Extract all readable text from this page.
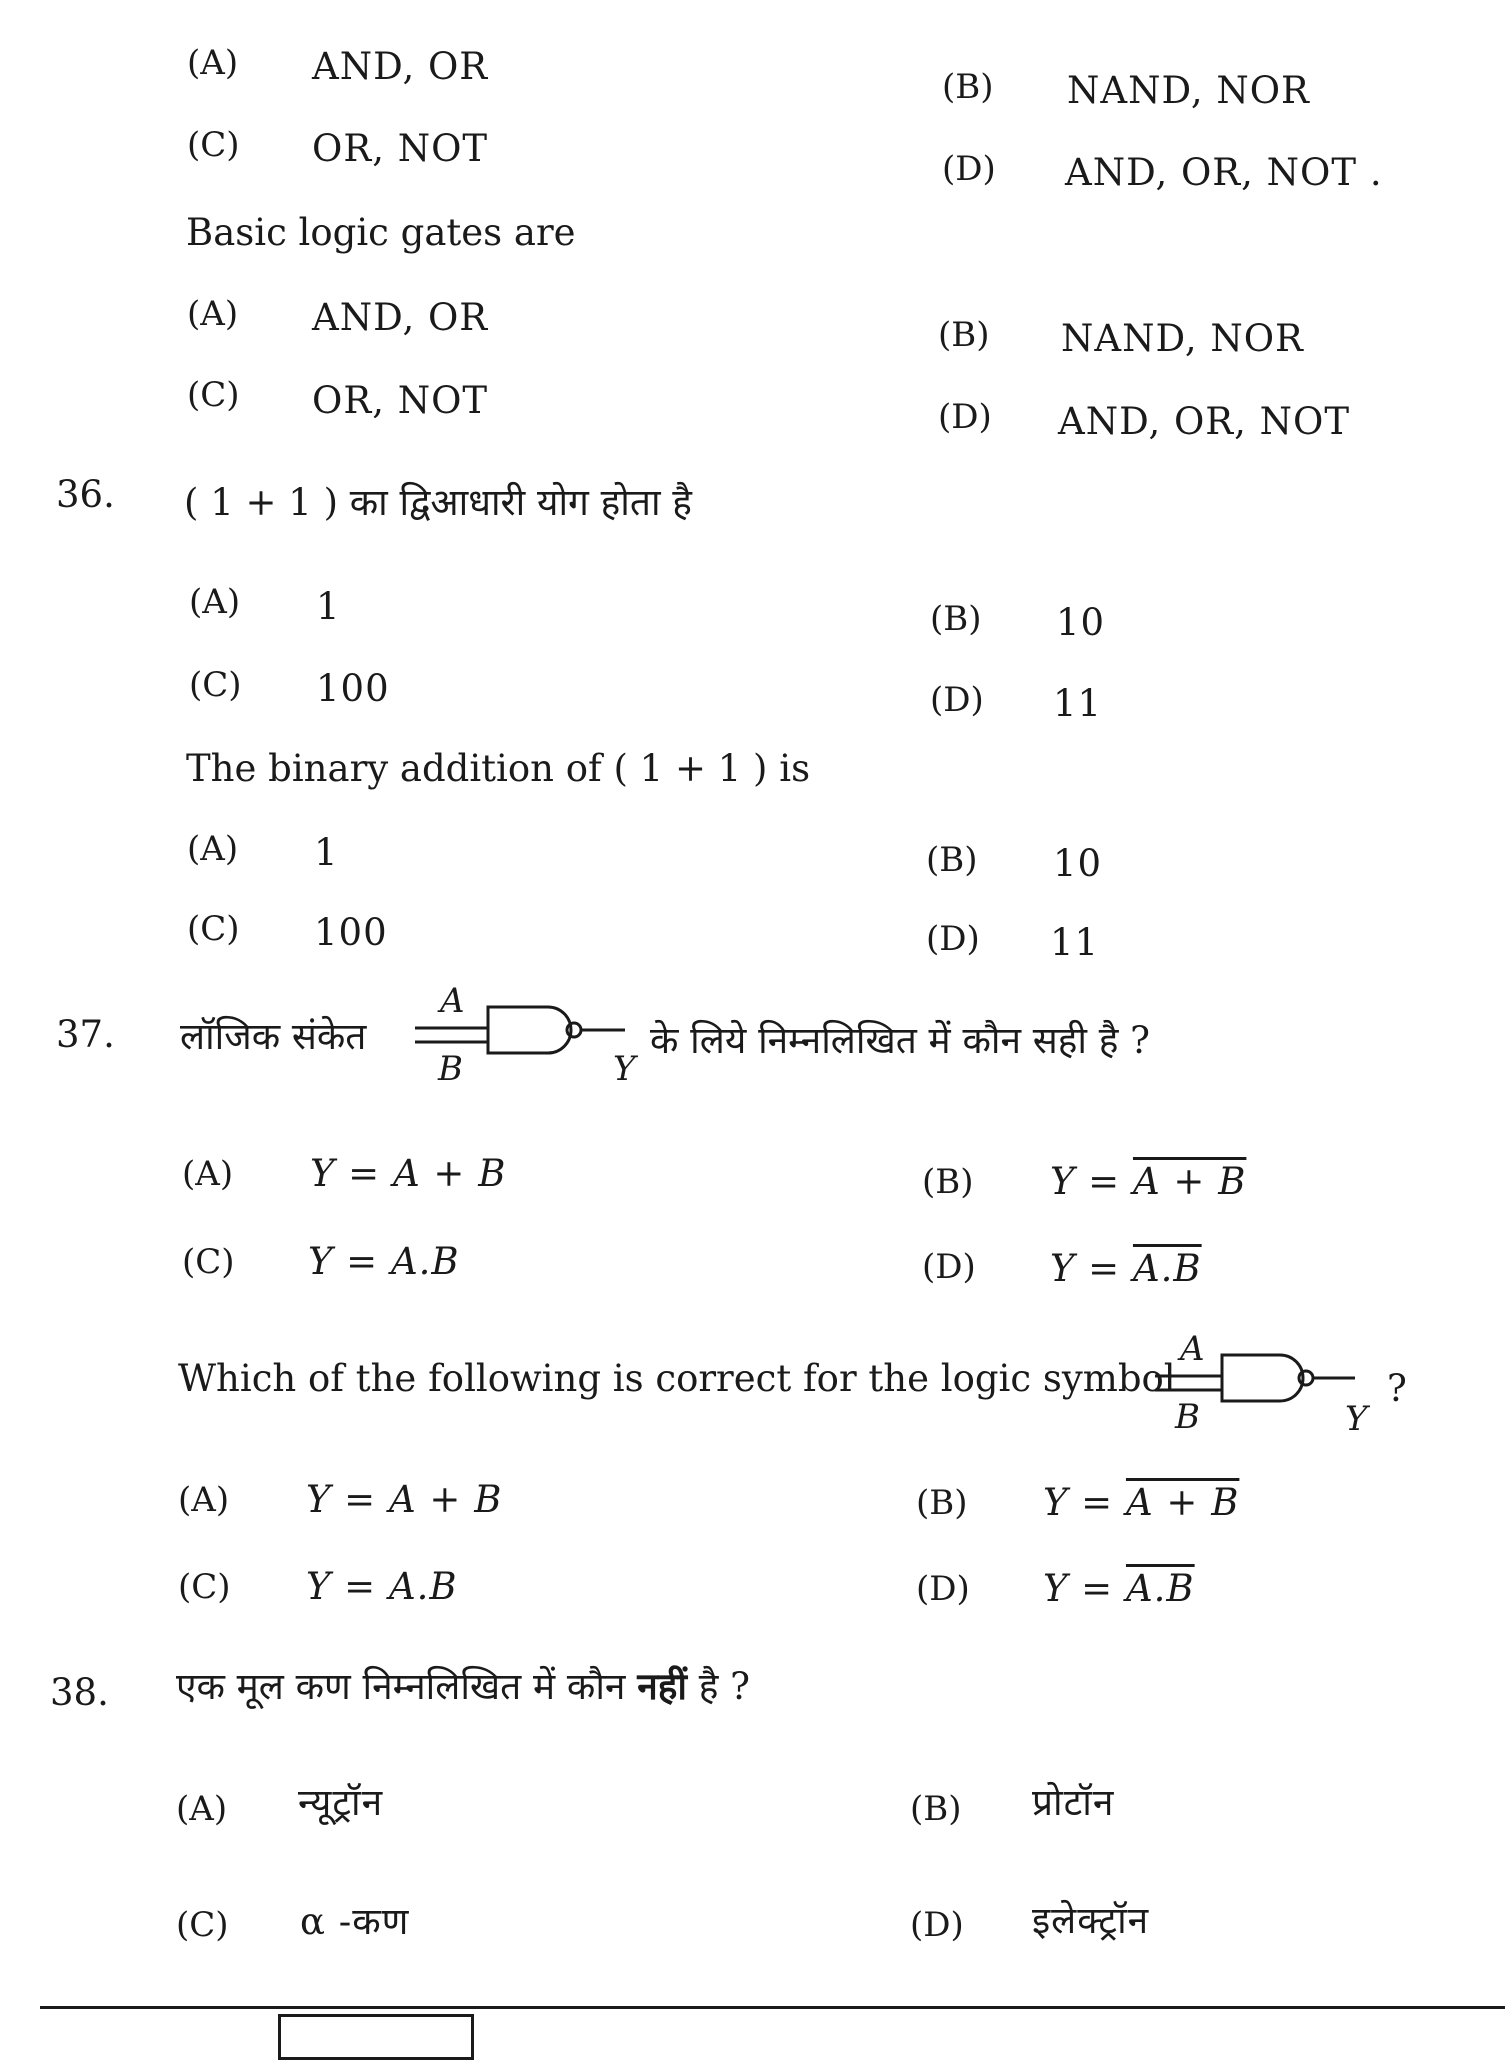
(A) AND, OR	(B) NAND, NOR
(C) OR, NOT	(D) AND, OR, NOT .
Basic logic gates are
(A) AND, OR	(B) NAND, NOR
(C) OR, NOT	(D) AND, OR, NOT
36. ( 1 + 1 ) का द्विआधारी योग होता है
(A) 1	(B) 10
(C) 100	(D) 11
The binary addition of ( 1 + 1 ) is
(A) 1	(B) 10
(C) 100	(D) 11
37. लॉजिक संकेत
A
B	Y
के लिये निम्नलिखित में कौन सही है ?
(A) Y = A + B	(B) Y = A + B
(C) Y = A.B	(D) Y = A.B
Which of the following is correct for the logic symbol
A
B	Y
?
(A) Y = A + B	(B) Y = A + B
(C) Y = A.B	(D) Y = A.B
38. एक मूल कण निम्नलिखित में कौन नहीं है ?
(A) न्यूट्रॉन	(B) प्रोटॉन
(C) α -कण	(D) इलेक्ट्रॉन
